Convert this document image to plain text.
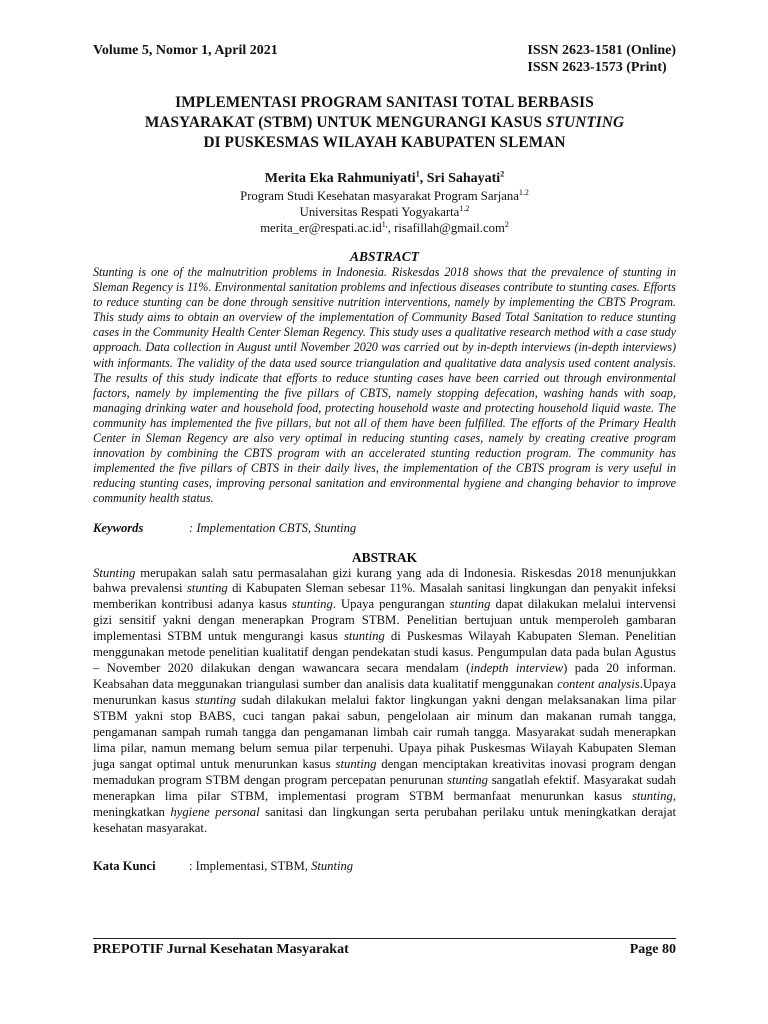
Volume 5, Nomor 1, April 2021	ISSN 2623-1581 (Online)
ISSN 2623-1573 (Print)
IMPLEMENTASI PROGRAM SANITASI TOTAL BERBASIS
MASYARAKAT (STBM) UNTUK MENGURANGI KASUS STUNTING
DI PUSKESMAS WILAYAH KABUPATEN SLEMAN
Merita Eka Rahmuniyati$^1$, Sri Sahayati$^2$
Program Studi Kesehatan masyarakat Program Sarjana$^{1.2}$
Universitas Respati Yogyakarta$^{1.2}$
$merita\_er@respati.ac.id^{1,}$, risafillah@gmail.com$^2$
ABSTRACT

Stunting is one of the malnutrition problems in Indonesia. Riskesdas 2018 shows that the prevalence of stunting in Sleman Regency is 11%. Environmental sanitation problems and infectious diseases contribute to stunting cases. Efforts to reduce stunting can be done through sensitive nutrition interventions, namely by implementing the CBTS Program. This study aims to obtain an overview of the implementation of Community Based Total Sanitation to reduce stunting cases in the Community Health Center Sleman Regency. This study uses a qualitative research method with a case study approach. Data collection in August until November 2020 was carried out by in-depth interviews (in-depth interviews) with informants. The validity of the data used source triangulation and qualitative data analysis used content analysis. The results of this study indicate that efforts to reduce stunting cases have been carried out through environmental factors, namely by implementing the five pillars of CBTS, namely stopping defecation, washing hands with soap, managing drinking water and household food, protecting household waste and protecting household liquid waste. The community has implemented the five pillars, but not all of them have been fulfilled. The efforts of the Primary Health Center in Sleman Regency are also very optimal in reducing stunting cases, namely by creating creative program innovation by combining the CBTS program with an accelerated stunting reduction program. The community has implemented the five pillars of CBTS in their daily lives, the implementation of the CBTS program is very useful in reducing stunting cases, improving personal sanitation and environmental hygiene and changing behavior to improve community health status.

Keywords	: Implementation CBTS, Stunting
ABSTRAK

Stunting merupakan salah satu permasalahan gizi kurang yang ada di Indonesia. Riskesdas 2018 menunjukkan bahwa prevalensi stunting di Kabupaten Sleman sebesar 11%. Masalah sanitasi lingkungan dan penyakit infeksi memberikan kontribusi adanya kasus stunting. Upaya pengurangan stunting dapat dilakukan melalui intervensi gizi sensitif yakni dengan menerapkan Program STBM. Penelitian bertujuan untuk memperoleh gambaran implementasi STBM untuk mengurangi kasus stunting di Puskesmas Wilayah Kabupaten Sleman. Penelitian menggunakan metode penelitian kualitatif dengan pendekatan studi kasus. Pengumpulan data pada bulan Agustus – November 2020 dilakukan dengan wawancara secara mendalam (indepth interview) pada 20 informan. Keabsahan data meggunakan triangulasi sumber dan analisis data kualitatif menggunakan content analysis.Upaya menurunkan kasus stunting sudah dilakukan melalui faktor lingkungan yakni dengan melaksanakan lima pilar STBM yakni stop BABS, cuci tangan pakai sabun, pengelolaan air minum dan makanan rumah tangga, pengamanan sampah rumah tangga dan pengamanan limbah cair rumah tangga. Masyarakat sudah menerapkan lima pilar, namun memang belum semua pilar terpenuhi. Upaya pihak Puskesmas Wilayah Kabupaten Sleman juga sangat optimal untuk menurunkan kasus stunting dengan menciptakan kreativitas inovasi program dengan memadukan program STBM dengan program percepatan penurunan stunting sangatlah efektif. Masyarakat sudah menerapkan lima pilar STBM, implementasi program STBM bermanfaat menurunkan kasus stunting, meningkatkan hygiene personal sanitasi dan lingkungan serta perubahan perilaku untuk meningkatkan derajat kesehatan masyarakat.

Kata Kunci	: Implementasi, STBM, Stunting
PREPOTIF Jurnal Kesehatan Masyarakat	Page 80
